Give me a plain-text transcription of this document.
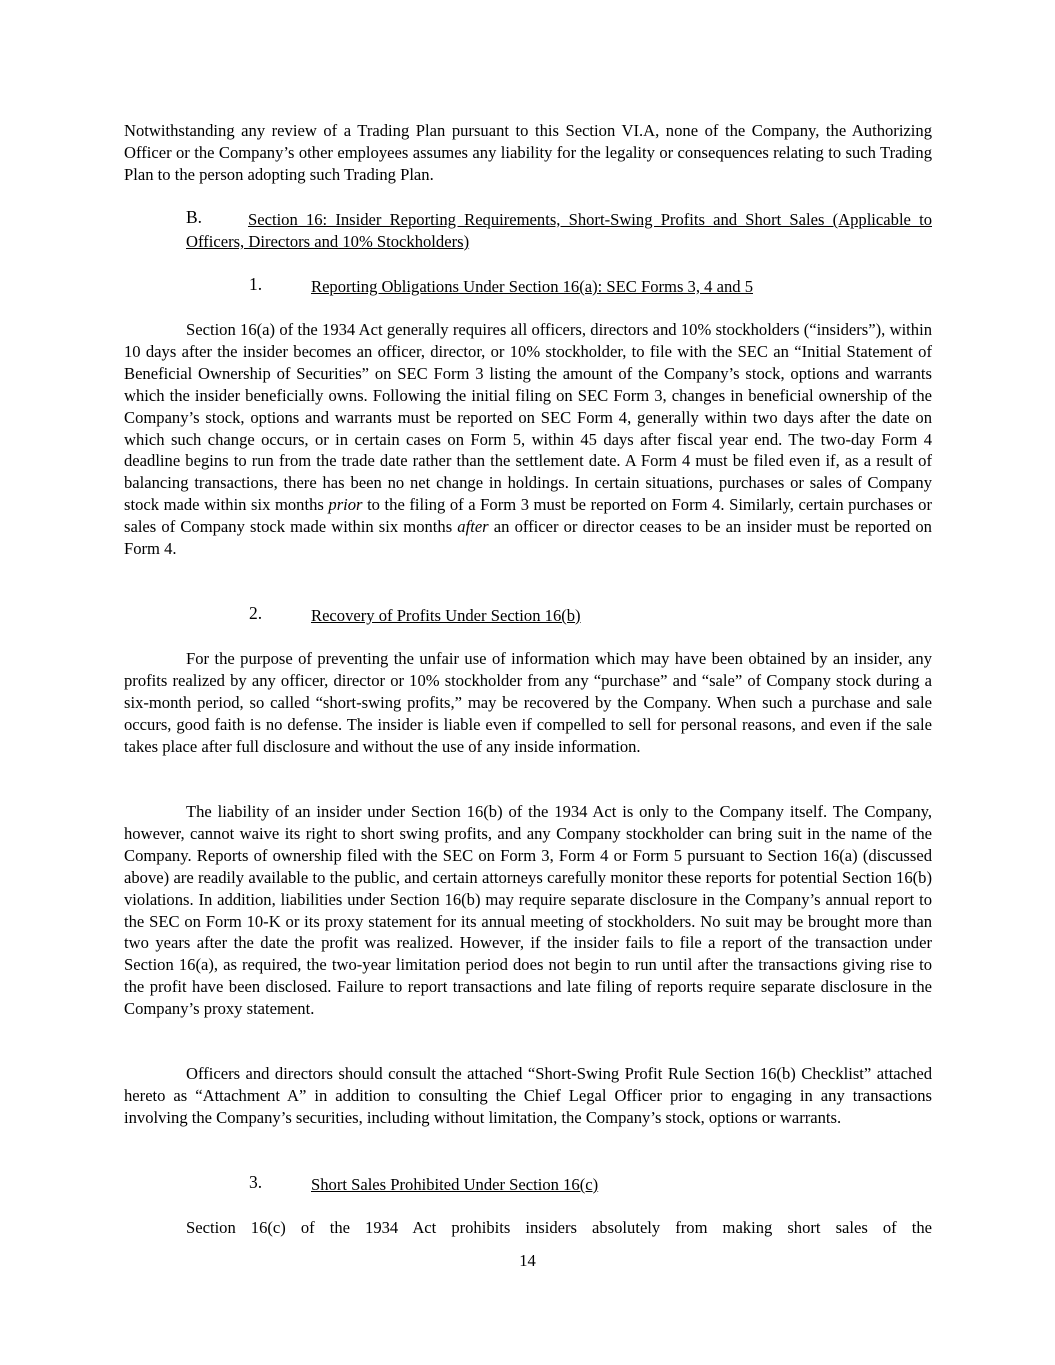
Notwithstanding any review of a Trading Plan pursuant to this Section VI.A, none of the Company, the Authorizing Officer or the Company’s other employees assumes any liability for the legality or consequences relating to such Trading Plan to the person adopting such Trading Plan.

B.	Section 16: Insider Reporting Requirements, Short-Swing Profits and Short Sales (Applicable to Officers, Directors and 10% Stockholders)

1.	Reporting Obligations Under Section 16(a): SEC Forms 3, 4 and 5

Section 16(a) of the 1934 Act generally requires all officers, directors and 10% stockholders (“insiders”), within 10 days after the insider becomes an officer, director, or 10% stockholder, to file with the SEC an “Initial Statement of Beneficial Ownership of Securities” on SEC Form 3 listing the amount of the Company’s stock, options and warrants which the insider beneficially owns. Following the initial filing on SEC Form 3, changes in beneficial ownership of the Company’s stock, options and warrants must be reported on SEC Form 4, generally within two days after the date on which such change occurs, or in certain cases on Form 5, within 45 days after fiscal year end. The two-day Form 4 deadline begins to run from the trade date rather than the settlement date. A Form 4 must be filed even if, as a result of balancing transactions, there has been no net change in holdings. In certain situations, purchases or sales of Company stock made within six months prior to the filing of a Form 3 must be reported on Form 4. Similarly, certain purchases or sales of Company stock made within six months after an officer or director ceases to be an insider must be reported on Form 4.

2.	Recovery of Profits Under Section 16(b)

For the purpose of preventing the unfair use of information which may have been obtained by an insider, any profits realized by any officer, director or 10% stockholder from any “purchase” and “sale” of Company stock during a six-month period, so called “short-swing profits,” may be recovered by the Company. When such a purchase and sale occurs, good faith is no defense. The insider is liable even if compelled to sell for personal reasons, and even if the sale takes place after full disclosure and without the use of any inside information.

The liability of an insider under Section 16(b) of the 1934 Act is only to the Company itself. The Company, however, cannot waive its right to short swing profits, and any Company stockholder can bring suit in the name of the Company. Reports of ownership filed with the SEC on Form 3, Form 4 or Form 5 pursuant to Section 16(a) (discussed above) are readily available to the public, and certain attorneys carefully monitor these reports for potential Section 16(b) violations. In addition, liabilities under Section 16(b) may require separate disclosure in the Company’s annual report to the SEC on Form 10-K or its proxy statement for its annual meeting of stockholders. No suit may be brought more than two years after the date the profit was realized. However, if the insider fails to file a report of the transaction under Section 16(a), as required, the two-year limitation period does not begin to run until after the transactions giving rise to the profit have been disclosed. Failure to report transactions and late filing of reports require separate disclosure in the Company’s proxy statement.

Officers and directors should consult the attached “Short-Swing Profit Rule Section 16(b) Checklist” attached hereto as “Attachment A” in addition to consulting the Chief Legal Officer prior to engaging in any transactions involving the Company’s securities, including without limitation, the Company’s stock, options or warrants.

3.	Short Sales Prohibited Under Section 16(c)

Section 16(c) of the 1934 Act prohibits insiders absolutely from making short sales of the

14
